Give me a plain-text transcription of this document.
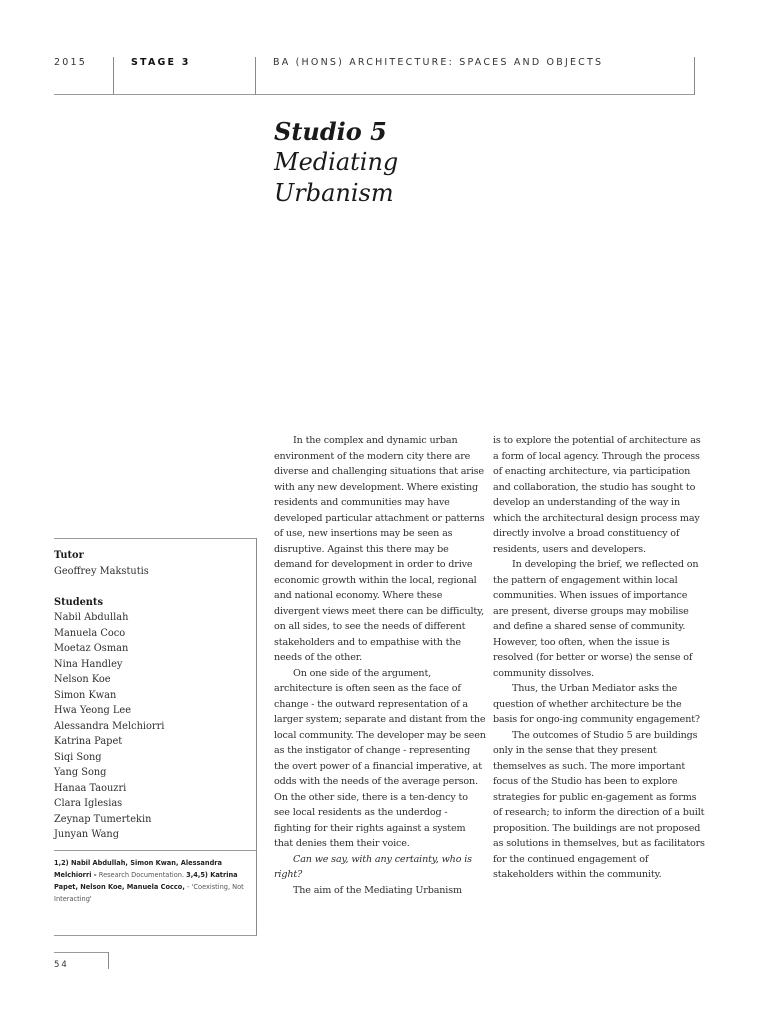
2015	STAGE 3	BA (HONS) ARCHITECTURE: SPACES AND OBJECTS
Studio 5
Mediating
Urbanism
Tutor
Geoffrey Makstutis
Students
Nabil Abdullah
Manuela Coco
Moetaz Osman
Nina Handley
Nelson Koe
Simon Kwan
Hwa Yeong Lee
Alessandra Melchiorri
Katrina Papet
Siqi Song
Yang Song
Hanaa Taouzri
Clara Iglesias
Zeynap Tumertekin
Junyan Wang
1,2) Nabil Abdullah, Simon Kwan, Alessandra Melchiorri - Research Documentation. 3,4,5) Katrina Papet, Nelson Koe, Manuela Cocco, - 'Coexisting, Not Interacting'

In the complex and dynamic urban environment of the modern city there are diverse and challenging situations that arise with any new development. Where existing residents and communities may have developed particular attachment or patterns of use, new insertions may be seen as disruptive. Against this there may be demand for development in order to drive economic growth within the local, regional and national economy. Where these divergent views meet there can be difficulty, on all sides, to see the needs of different stakeholders and to empathise with the needs of the other.

On one side of the argument, architecture is often seen as the face of change - the outward representation of a larger system; separate and distant from the local community. The developer may be seen as the instigator of change - representing the overt power of a financial imperative, at odds with the needs of the average person. On the other side, there is a ten-dency to see local residents as the underdog - fighting for their rights against a system that denies them their voice.

Can we say, with any certainty, who is right?

The aim of the Mediating Urbanism

is to explore the potential of architecture as a form of local agency. Through the process of enacting architecture, via participation and collaboration, the studio has sought to develop an understanding of the way in which the architectural design process may directly involve a broad constituency of residents, users and developers.

In developing the brief, we reflected on the pattern of engagement within local communities. When issues of importance are present, diverse groups may mobilise and define a shared sense of community. However, too often, when the issue is resolved (for better or worse) the sense of community dissolves.

Thus, the Urban Mediator asks the question of whether architecture be the basis for ongo-ing community engagement?

The outcomes of Studio 5 are buildings only in the sense that they present themselves as such. The more important focus of the Studio has been to explore strategies for public en-gagement as forms of research; to inform the direction of a built proposition. The buildings are not proposed as solutions in themselves, but as facilitators for the continued engagement of stakeholders within the community.

54
